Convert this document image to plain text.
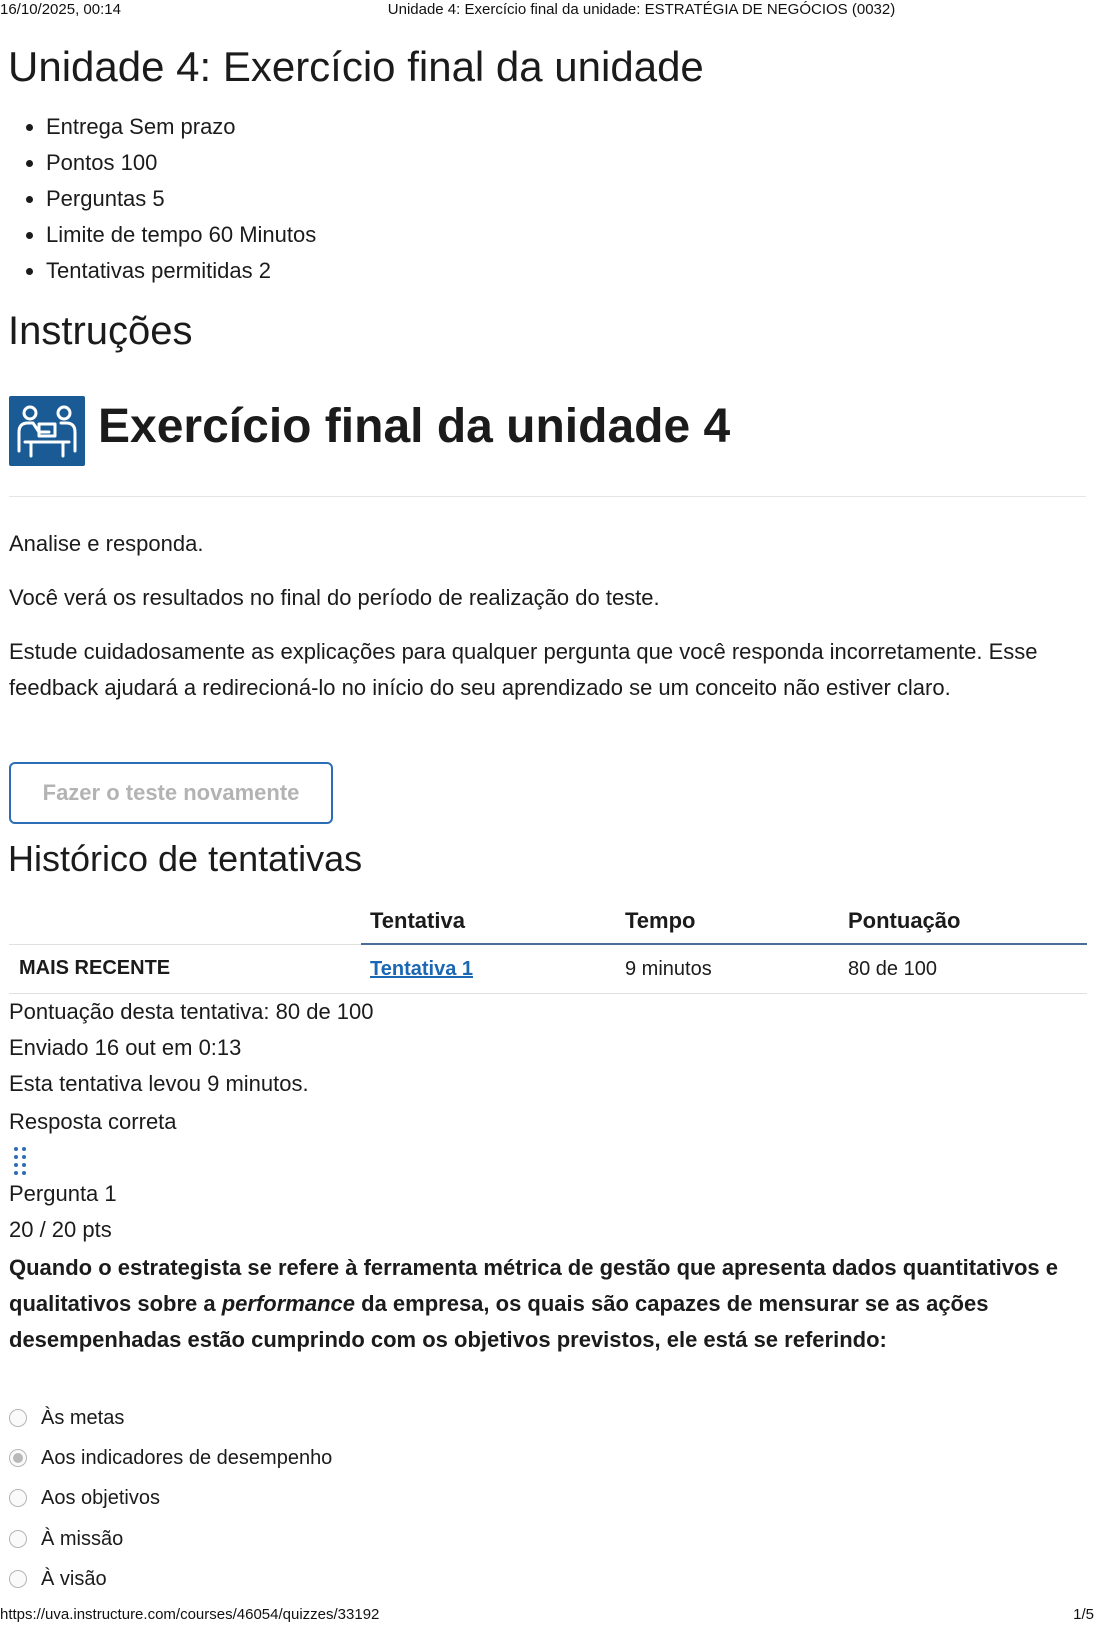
16/10/2025, 00:14	Unidade 4: Exercício final da unidade: ESTRATÉGIA DE NEGÓCIOS (0032)
Unidade 4: Exercício final da unidade
• Entrega Sem prazo
• Pontos 100
• Perguntas 5
• Limite de tempo 60 Minutos
• Tentativas permitidas 2
Instruções
Exercício final da unidade 4

Analise e responda.

Você verá os resultados no final do período de realização do teste.

Estude cuidadosamente as explicações para qualquer pergunta que você responda incorretamente. Esse feedback ajudará a redirecioná-lo no início do seu aprendizado se um conceito não estiver claro.

Fazer o teste novamente
Histórico de tentativas
	Tentativa	Tempo	Pontuação
MAIS RECENTE	Tentativa 1	9 minutos	80 de 100
Pontuação desta tentativa: 80 de 100
Enviado 16 out em 0:13
Esta tentativa levou 9 minutos.
Resposta correta
Pergunta 1
20 / 20 pts

Quando o estrategista se refere à ferramenta métrica de gestão que apresenta dados quantitativos e qualitativos sobre a performance da empresa, os quais são capazes de mensurar se as ações desempenhadas estão cumprindo com os objetivos previstos, ele está se referindo:

Às metas
Aos indicadores de desempenho
Aos objetivos
À missão
À visão
https://uva.instructure.com/courses/46054/quizzes/33192	1/5
